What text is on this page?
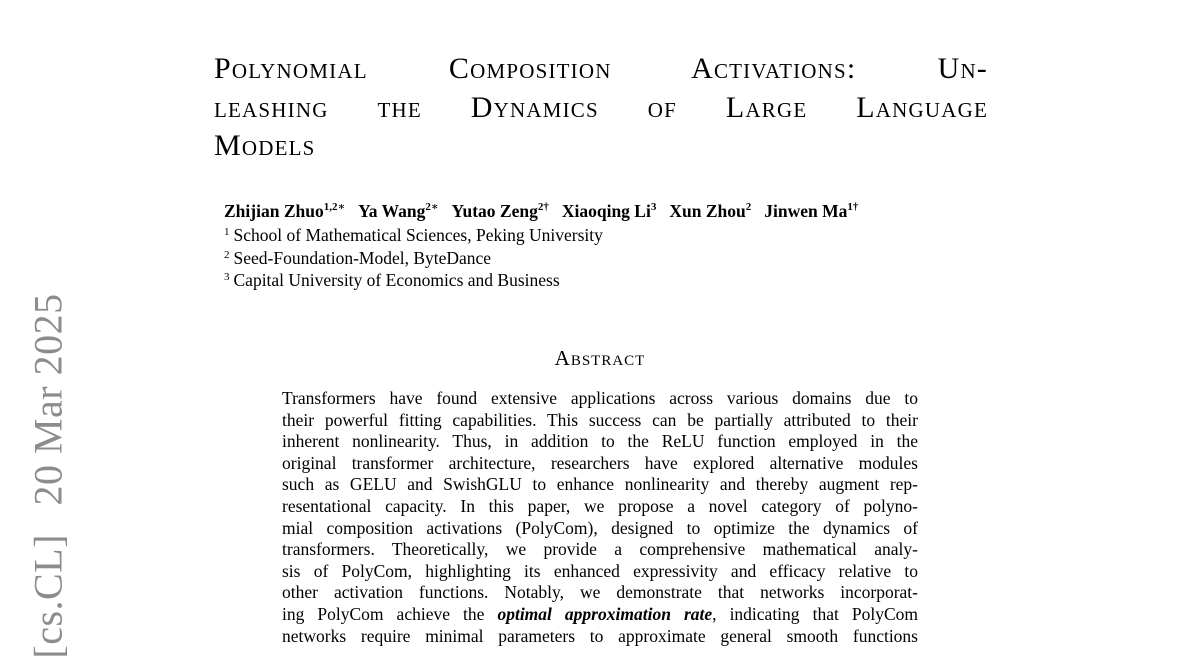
[cs.CL] 20 Mar 2025
Polynomial Composition Activations: Un-
leashing the Dynamics of Large Language
Models
Zhijian Zhuo$^{1,2∗}$ Ya Wang$^{2∗}$ Yutao Zeng$^{2\dagger}$ Xiaoqing Li$^3$ Xun Zhou$^2$ Jinwen $Ma^{1\dagger}$
$^1$ School of Mathematical Sciences, Peking University
$^2$ Seed-Foundation-Model, ByteDance
$^3$ Capital University of Economics and Business
Abstract
Transformers have found extensive applications across various domains due to
their powerful fitting capabilities. This success can be partially attributed to their
inherent nonlinearity. Thus, in addition to the ReLU function employed in the
original transformer architecture, researchers have explored alternative modules
such as GELU and SwishGLU to enhance nonlinearity and thereby augment rep-
resentational capacity. In this paper, we propose a novel category of polyno-
mial composition activations (PolyCom), designed to optimize the dynamics of
transformers. Theoretically, we provide a comprehensive mathematical analy-
sis of PolyCom, highlighting its enhanced expressivity and efficacy relative to
other activation functions. Notably, we demonstrate that networks incorporat-
ing PolyCom achieve the optimal approximation rate, indicating that PolyCom
networks require minimal parameters to approximate general smooth functions
